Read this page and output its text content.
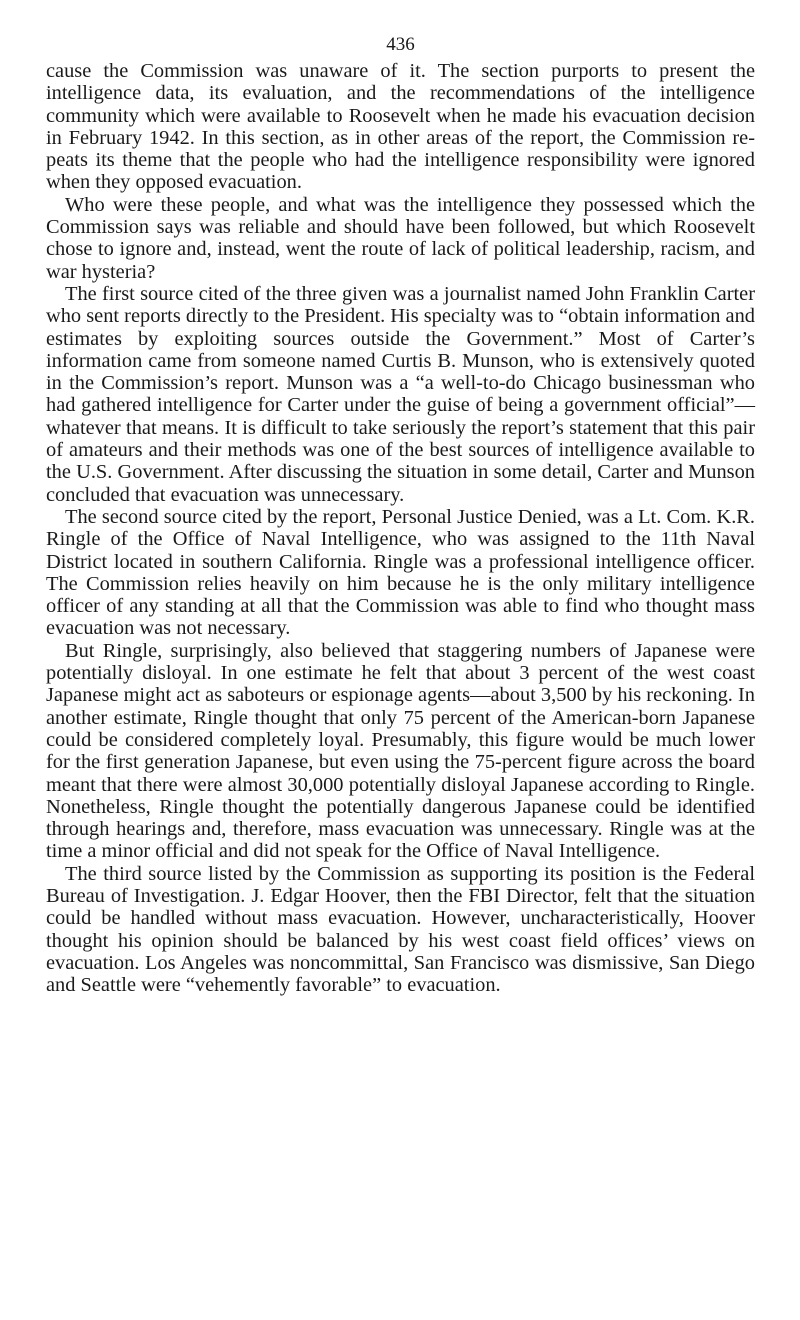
436

cause the Commission was unaware of it. The section purports to present the intelligence data, its evaluation, and the recommendations of the intelligence community which were available to Roosevelt when he made his evacuation decision in February 1942. In this section, as in other areas of the report, the Commission repeats its theme that the people who had the intelligence responsibility were ignored when they opposed evacuation.

Who were these people, and what was the intelligence they possessed which the Commission says was reliable and should have been followed, but which Roosevelt chose to ignore and, instead, went the route of lack of political leadership, racism, and war hysteria?

The first source cited of the three given was a journalist named John Franklin Carter who sent reports directly to the President. His specialty was to “obtain information and estimates by exploiting sources outside the Government.” Most of Carter’s information came from someone named Curtis B. Munson, who is extensively quoted in the Commission’s report. Munson was a “a well-to-do Chicago businessman who had gathered intelligence for Carter under the guise of being a government official”—whatever that means. It is difficult to take seriously the report’s statement that this pair of amateurs and their methods was one of the best sources of intelligence available to the U.S. Government. After discussing the situation in some detail, Carter and Munson concluded that evacuation was unnecessary.

The second source cited by the report, Personal Justice Denied, was a Lt. Com. K.R. Ringle of the Office of Naval Intelligence, who was assigned to the 11th Naval District located in southern California. Ringle was a professional intelligence officer. The Commission relies heavily on him because he is the only military intelligence officer of any standing at all that the Commission was able to find who thought mass evacuation was not necessary.

But Ringle, surprisingly, also believed that staggering numbers of Japanese were potentially disloyal. In one estimate he felt that about 3 percent of the west coast Japanese might act as saboteurs or espionage agents—about 3,500 by his reckoning. In another estimate, Ringle thought that only 75 percent of the American-born Japanese could be considered completely loyal. Presumably, this figure would be much lower for the first generation Japanese, but even using the 75-percent figure across the board meant that there were almost 30,000 potentially disloyal Japanese according to Ringle. Nonetheless, Ringle thought the potentially dangerous Japanese could be identified through hearings and, therefore, mass evacuation was unnecessary. Ringle was at the time a minor official and did not speak for the Office of Naval Intelligence.

The third source listed by the Commission as supporting its position is the Federal Bureau of Investigation. J. Edgar Hoover, then the FBI Director, felt that the situation could be handled without mass evacuation. However, uncharacteristically, Hoover thought his opinion should be balanced by his west coast field offices’ views on evacuation. Los Angeles was noncommittal, San Francisco was dismissive, San Diego and Seattle were “vehemently favorable” to evacuation.
